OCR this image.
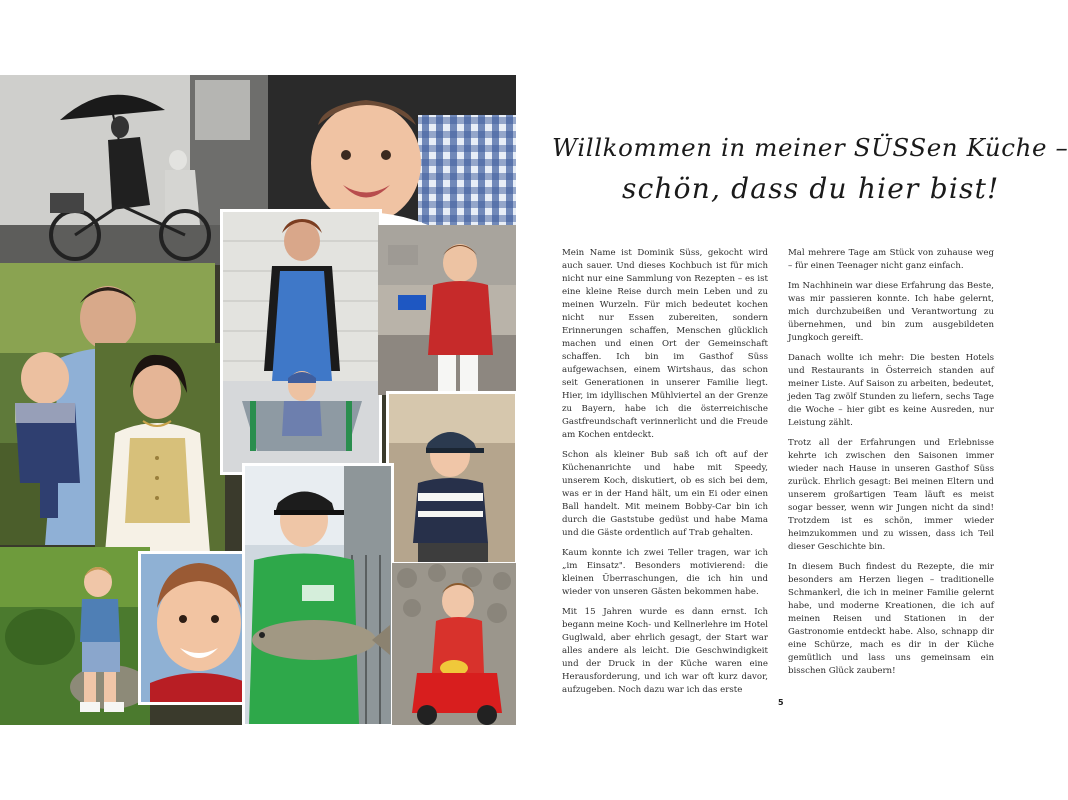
Willkommen in meiner SÜSSen Küche –
schön, dass du hier bist!

Mein Name ist Dominik Süss, gekocht wird auch sauer. Und dieses Kochbuch ist für mich nicht nur eine Sammlung von Rezepten – es ist eine kleine Reise durch mein Leben und zu meinen Wurzeln. Für mich bedeutet kochen nicht nur Essen zubereiten, sondern Erinnerungen schaffen, Menschen glücklich machen und einen Ort der Gemeinschaft schaffen. Ich bin im Gasthof Süss aufgewachsen, einem Wirtshaus, das schon seit Generationen in unserer Familie liegt. Hier, im idyllischen Mühlviertel an der Grenze zu Bayern, habe ich die österreichische Gastfreundschaft verinnerlicht und die Freude am Kochen entdeckt.

Schon als kleiner Bub saß ich oft auf der Küchenanrichte und habe mit Speedy, unserem Koch, diskutiert, ob es sich bei dem, was er in der Hand hält, um ein Ei oder einen Ball handelt. Mit meinem Bobby-Car bin ich durch die Gaststube gedüst und habe Mama und die Gäste ordentlich auf Trab gehalten.

Kaum konnte ich zwei Teller tragen, war ich „im Einsatz". Besonders motivierend: die kleinen Überraschungen, die ich hin und wieder von unseren Gästen bekommen habe.

Mit 15 Jahren wurde es dann ernst. Ich begann meine Koch- und Kellnerlehre im Hotel Guglwald, aber ehrlich gesagt, der Start war alles andere als leicht. Die Geschwindigkeit und der Druck in der Küche waren eine Herausforderung, und ich war oft kurz davor, aufzugeben. Noch dazu war ich das erste

Mal mehrere Tage am Stück von zuhause weg – für einen Teenager nicht ganz einfach.

Im Nachhinein war diese Erfahrung das Beste, was mir passieren konnte. Ich habe gelernt, mich durchzubeißen und Verantwortung zu übernehmen, und bin zum ausgebildeten Jungkoch gereift.

Danach wollte ich mehr: Die besten Hotels und Restaurants in Österreich standen auf meiner Liste. Auf Saison zu arbeiten, bedeutet, jeden Tag zwölf Stunden zu liefern, sechs Tage die Woche – hier gibt es keine Ausreden, nur Leistung zählt.

Trotz all der Erfahrungen und Erlebnisse kehrte ich zwischen den Saisonen immer wieder nach Hause in unseren Gasthof Süss zurück. Ehrlich gesagt: Bei meinen Eltern und unserem großartigen Team läuft es meist sogar besser, wenn wir Jungen nicht da sind! Trotzdem ist es schön, immer wieder heimzukommen und zu wissen, dass ich Teil dieser Geschichte bin.

In diesem Buch findest du Rezepte, die mir besonders am Herzen liegen – traditionelle Schmankerl, die ich in meiner Familie gelernt habe, und moderne Kreationen, die ich auf meinen Reisen und Stationen in der Gastronomie entdeckt habe. Also, schnapp dir eine Schürze, mach es dir in der Küche gemütlich und lass uns gemeinsam ein bisschen Glück zaubern!

5
